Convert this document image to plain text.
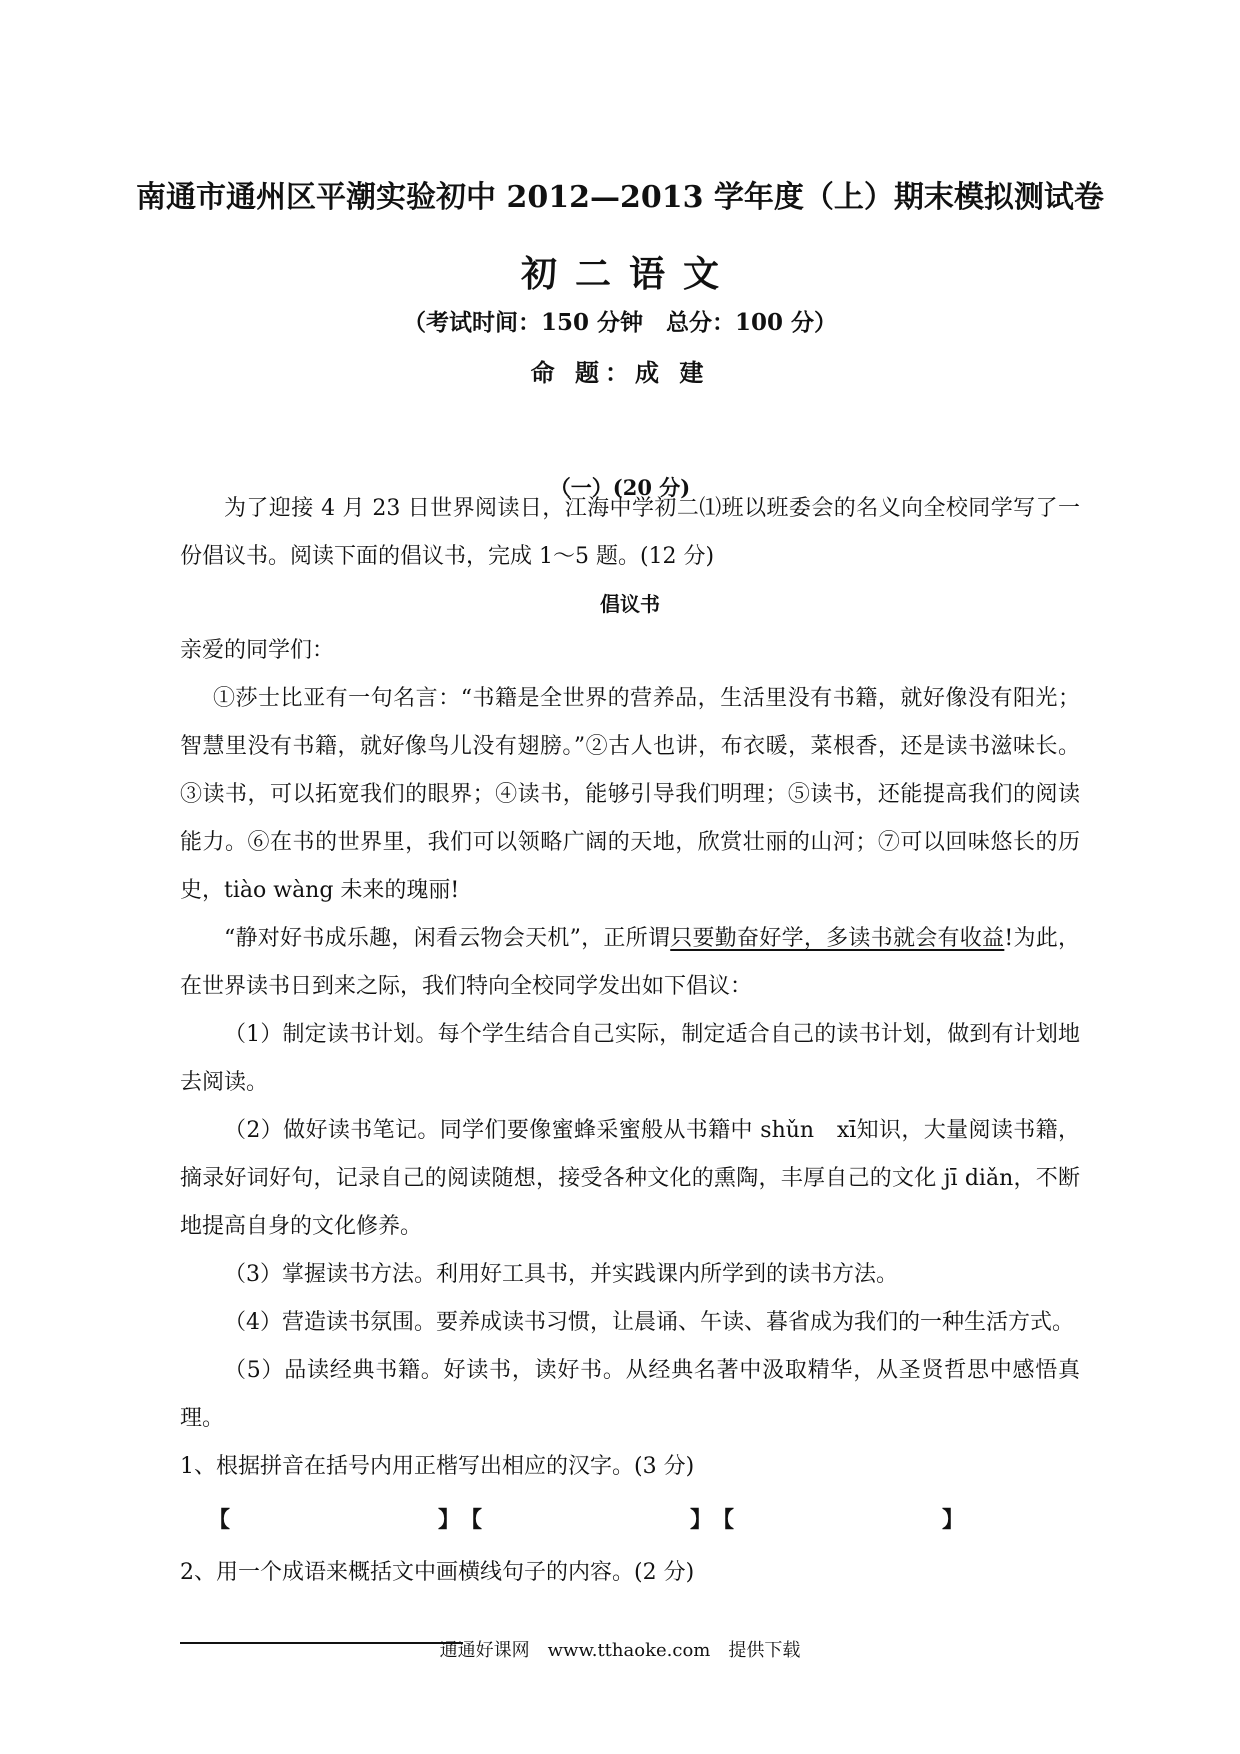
南通市通州区平潮实验初中 2012—2013 学年度（上）期末模拟测试卷
初 二 语 文
（考试时间：150 分钟　总分：100 分）
命 题：成 建
（一）(20 分)

为了迎接 4 月 23 日世界阅读日，江海中学初二⑴班以班委会的名义向全校同学写了一份倡议书。阅读下面的倡议书，完成 1～5 题。(12 分)

倡议书

亲爱的同学们：

①莎士比亚有一句名言：“书籍是全世界的营养品，生活里没有书籍，就好像没有阳光；智慧里没有书籍，就好像鸟儿没有翅膀。”②古人也讲，布衣暖，菜根香，还是读书滋味长。③读书，可以拓宽我们的眼界；④读书，能够引导我们明理；⑤读书，还能提高我们的阅读能力。⑥在书的世界里，我们可以领略广阔的天地，欣赏壮丽的山河；⑦可以回味悠长的历史，tiào wàng 未来的瑰丽!

“静对好书成乐趣，闲看云物会天机”，正所谓只要勤奋好学，多读书就会有收益!为此，在世界读书日到来之际，我们特向全校同学发出如下倡议：

（1）制定读书计划。每个学生结合自己实际，制定适合自己的读书计划，做到有计划地去阅读。

（2）做好读书笔记。同学们要像蜜蜂采蜜般从书籍中 shǔn　xī知识，大量阅读书籍，摘录好词好句，记录自己的阅读随想，接受各种文化的熏陶，丰厚自己的文化 jī diǎn，不断地提高自身的文化修养。

（3）掌握读书方法。利用好工具书，并实践课内所学到的读书方法。

（4）营造读书氛围。要养成读书习惯，让晨诵、午读、暮省成为我们的一种生活方式。

（5）品读经典书籍。好读书，读好书。从经典名著中汲取精华，从圣贤哲思中感悟真理。

1、根据拼音在括号内用正楷写出相应的汉字。(3 分)

【	】 【	】 【	】

2、用一个成语来概括文中画横线句子的内容。(2 分)

通通好课网　www.tthaoke.com　提供下载
